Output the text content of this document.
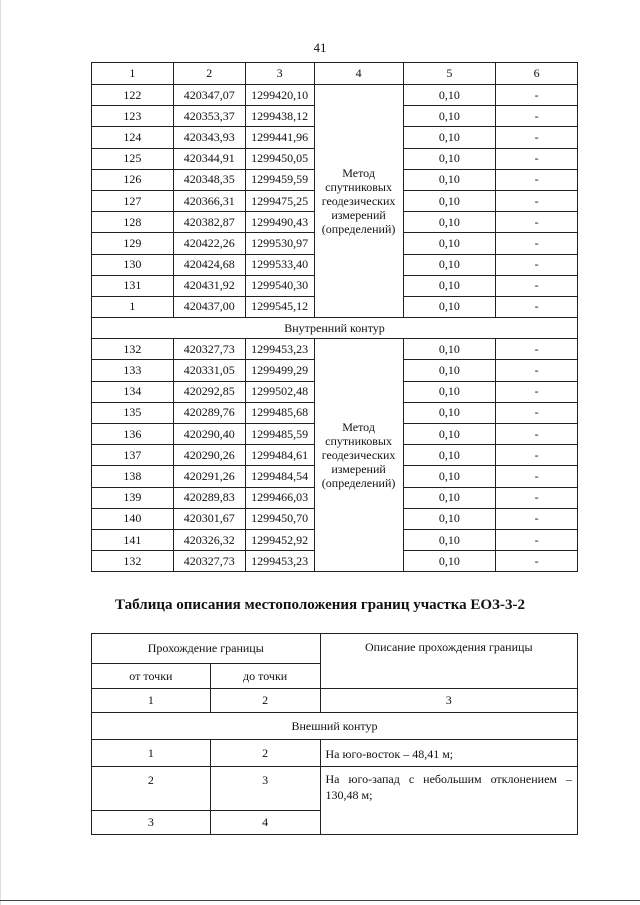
41
1	2	3	4	5	6
122	420347,07	1299420,10	Метод спутниковых геодезических измерений (определений)	0,10	-
123	420353,37	1299438,12		0,10	-
124	420343,93	1299441,96		0,10	-
125	420344,91	1299450,05		0,10	-
126	420348,35	1299459,59		0,10	-
127	420366,31	1299475,25		0,10	-
128	420382,87	1299490,43		0,10	-
129	420422,26	1299530,97		0,10	-
130	420424,68	1299533,40		0,10	-
131	420431,92	1299540,30		0,10	-
1	420437,00	1299545,12		0,10	-
Внутренний контур					
132	420327,73	1299453,23	Метод спутниковых геодезических измерений (определений)	0,10	-
133	420331,05	1299499,29		0,10	-
134	420292,85	1299502,48		0,10	-
135	420289,76	1299485,68		0,10	-
136	420290,40	1299485,59		0,10	-
137	420290,26	1299484,61		0,10	-
138	420291,26	1299484,54		0,10	-
139	420289,83	1299466,03		0,10	-
140	420301,67	1299450,70		0,10	-
141	420326,32	1299452,92		0,10	-
132	420327,73	1299453,23		0,10	-
Таблица описания местоположения границ участка ЕОЗ-3-2
Прохождение границы		Описание прохождения границы
от точки	до точки	
1	2	3
Внешний контур		
1	2	На юго-восток – 48,41 м;
2	3	На юго-запад с небольшим отклонением – 130,48 м;
3	4	
